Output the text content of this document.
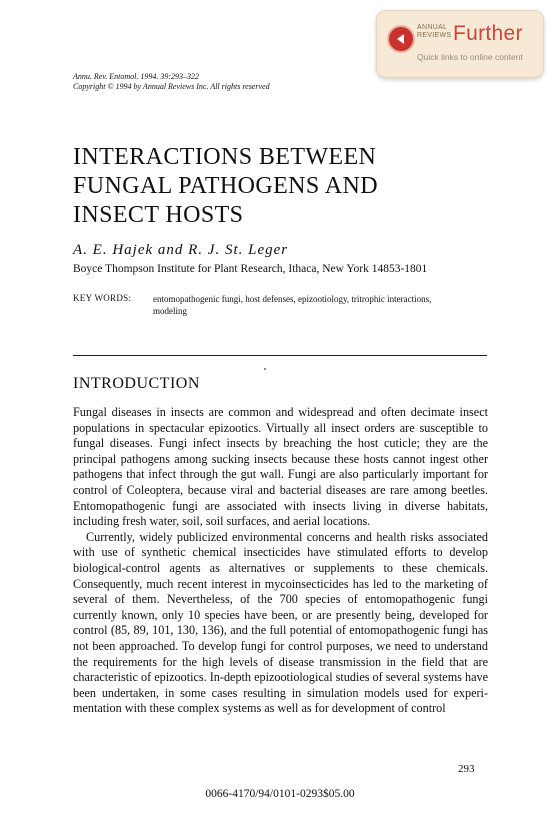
ANNUAL
REVIEWS Further
Quick links to online content
Annu. Rev. Entomol. 1994. 39:293–322
Copyright © 1994 by Annual Reviews Inc. All rights reserved
INTERACTIONS BETWEEN
FUNGAL PATHOGENS AND
INSECT HOSTS
A. E. Hajek and R. J. St. Leger
Boyce Thompson Institute for Plant Research, Ithaca, New York 14853-1801
KEY WORDS: entomopathogenic fungi, host defenses, epizootiology, tritrophic interactions, modeling
INTRODUCTION

Fungal diseases in insects are common and widespread and often decimate insect populations in spectacular epizootics. Virtually all insect orders are susceptible to fungal diseases. Fungi infect insects by breaching the host cuticle; they are the principal pathogens among sucking insects because these hosts cannot ingest other pathogens that infect through the gut wall. Fungi are also particularly important for control of Coleoptera, because viral and bacterial diseases are rare among beetles. Entomopathogenic fungi are associated with insects living in diverse habitats, including fresh water, soil, soil surfaces, and aerial locations.

Currently, widely publicized environmental concerns and health risks associated with use of synthetic chemical insecticides have stimulated efforts to develop biological-control agents as alternatives or supplements to these chemicals. Consequently, much recent interest in mycoinsecticides has led to the marketing of several of them. Nevertheless, of the 700 species of entomopathogenic fungi currently known, only 10 species have been, or are presently being, developed for control (85, 89, 101, 130, 136), and the full potential of entomopathogenic fungi has not been approached. To develop fungi for control purposes, we need to understand the requirements for the high levels of disease transmission in the field that are characteristic of epizootics. In-depth epizootiological studies of several systems have been undertaken, in some cases resulting in simulation models used for experi-mentation with these complex systems as well as for development of control

293
0066-4170/94/0101-0293$05.00
